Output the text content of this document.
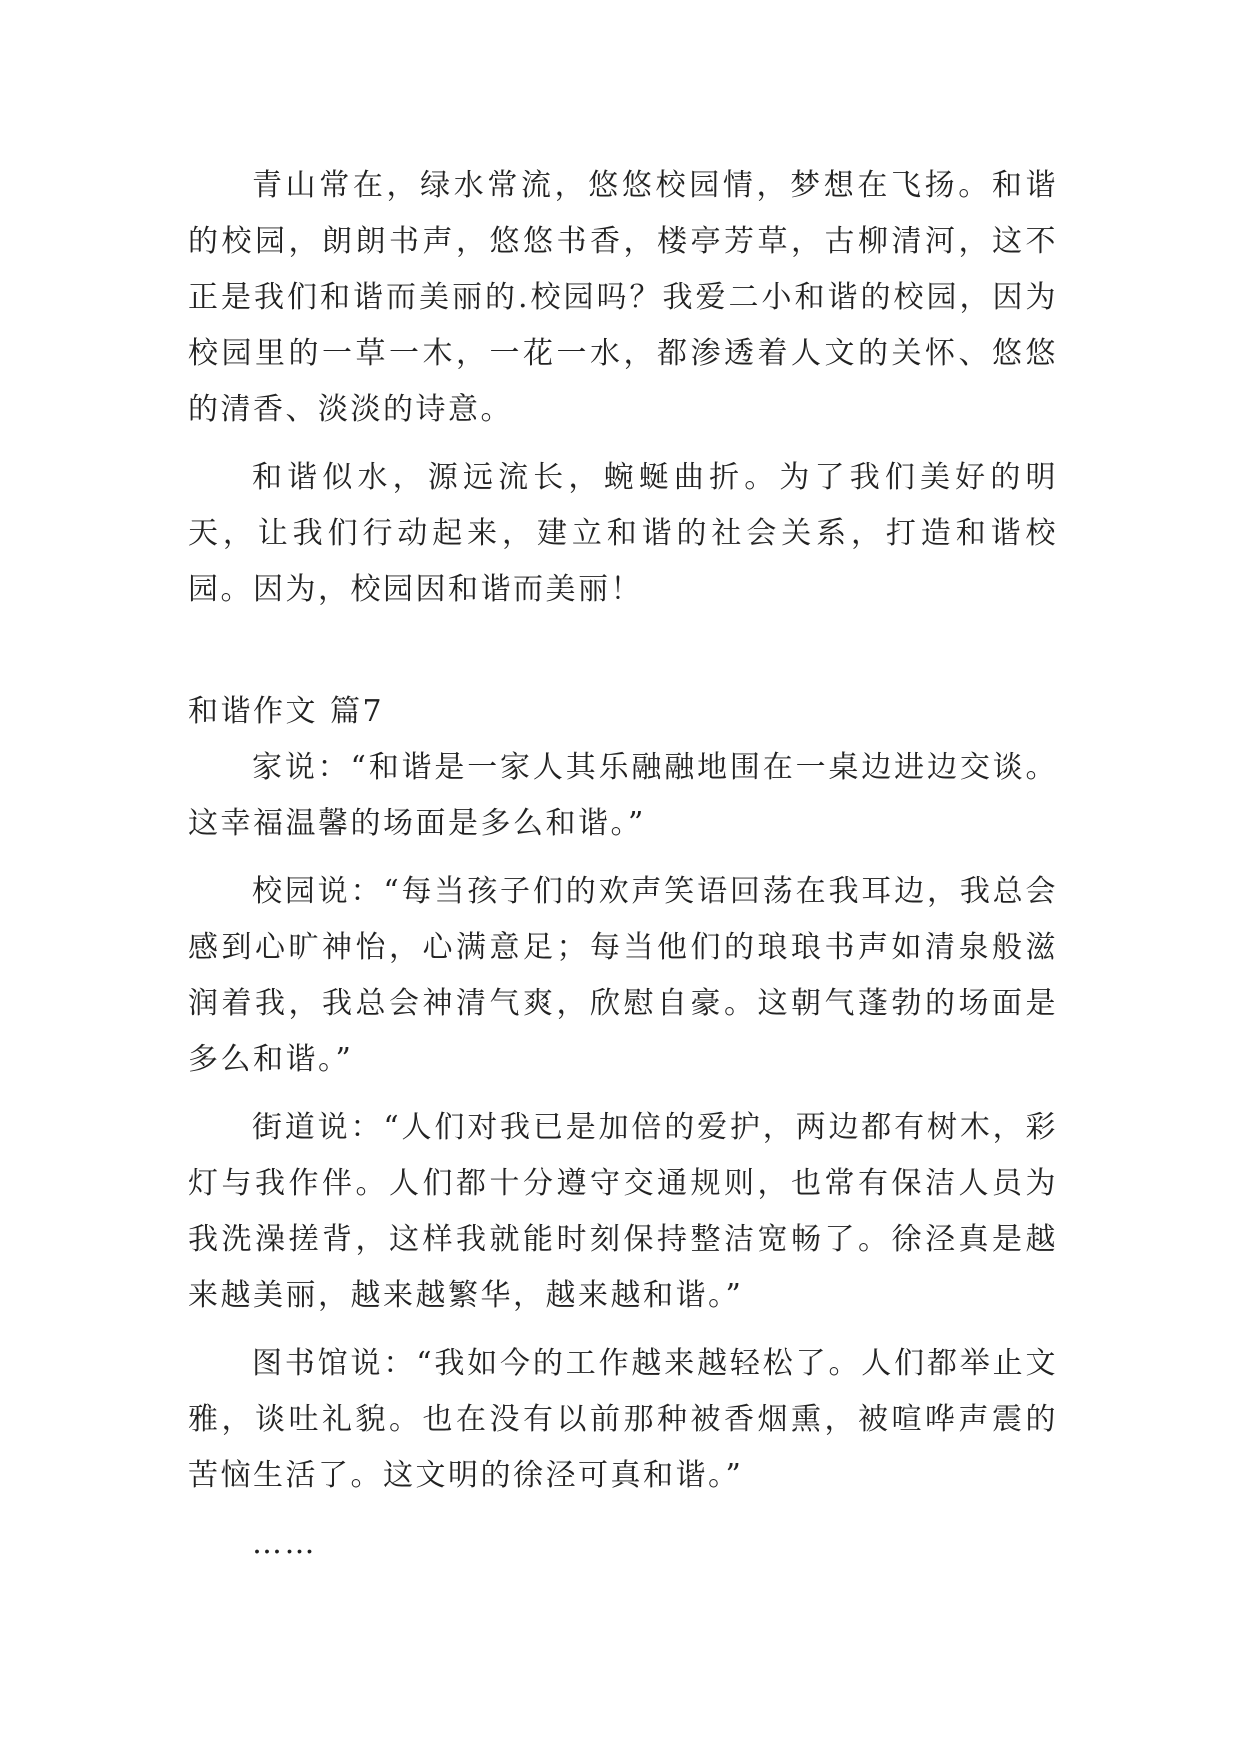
青山常在，绿水常流，悠悠校园情，梦想在飞扬。和谐的校园，朗朗书声，悠悠书香，楼亭芳草，古柳清河，这不正是我们和谐而美丽的.校园吗？我爱二小和谐的校园，因为校园里的一草一木，一花一水，都渗透着人文的关怀、悠悠的清香、淡淡的诗意。

和谐似水，源远流长，蜿蜒曲折。为了我们美好的明天，让我们行动起来，建立和谐的社会关系，打造和谐校园。因为，校园因和谐而美丽！

和谐作文 篇7

家说：“和谐是一家人其乐融融地围在一桌边进边交谈。这幸福温馨的场面是多么和谐。”

校园说：“每当孩子们的欢声笑语回荡在我耳边，我总会感到心旷神怡，心满意足；每当他们的琅琅书声如清泉般滋润着我，我总会神清气爽，欣慰自豪。这朝气蓬勃的场面是多么和谐。”

街道说：“人们对我已是加倍的爱护，两边都有树木，彩灯与我作伴。人们都十分遵守交通规则，也常有保洁人员为我洗澡搓背，这样我就能时刻保持整洁宽畅了。徐泾真是越来越美丽，越来越繁华，越来越和谐。”

图书馆说：“我如今的工作越来越轻松了。人们都举止文雅，谈吐礼貌。也在没有以前那种被香烟熏，被喧哗声震的苦恼生活了。这文明的徐泾可真和谐。”

……
